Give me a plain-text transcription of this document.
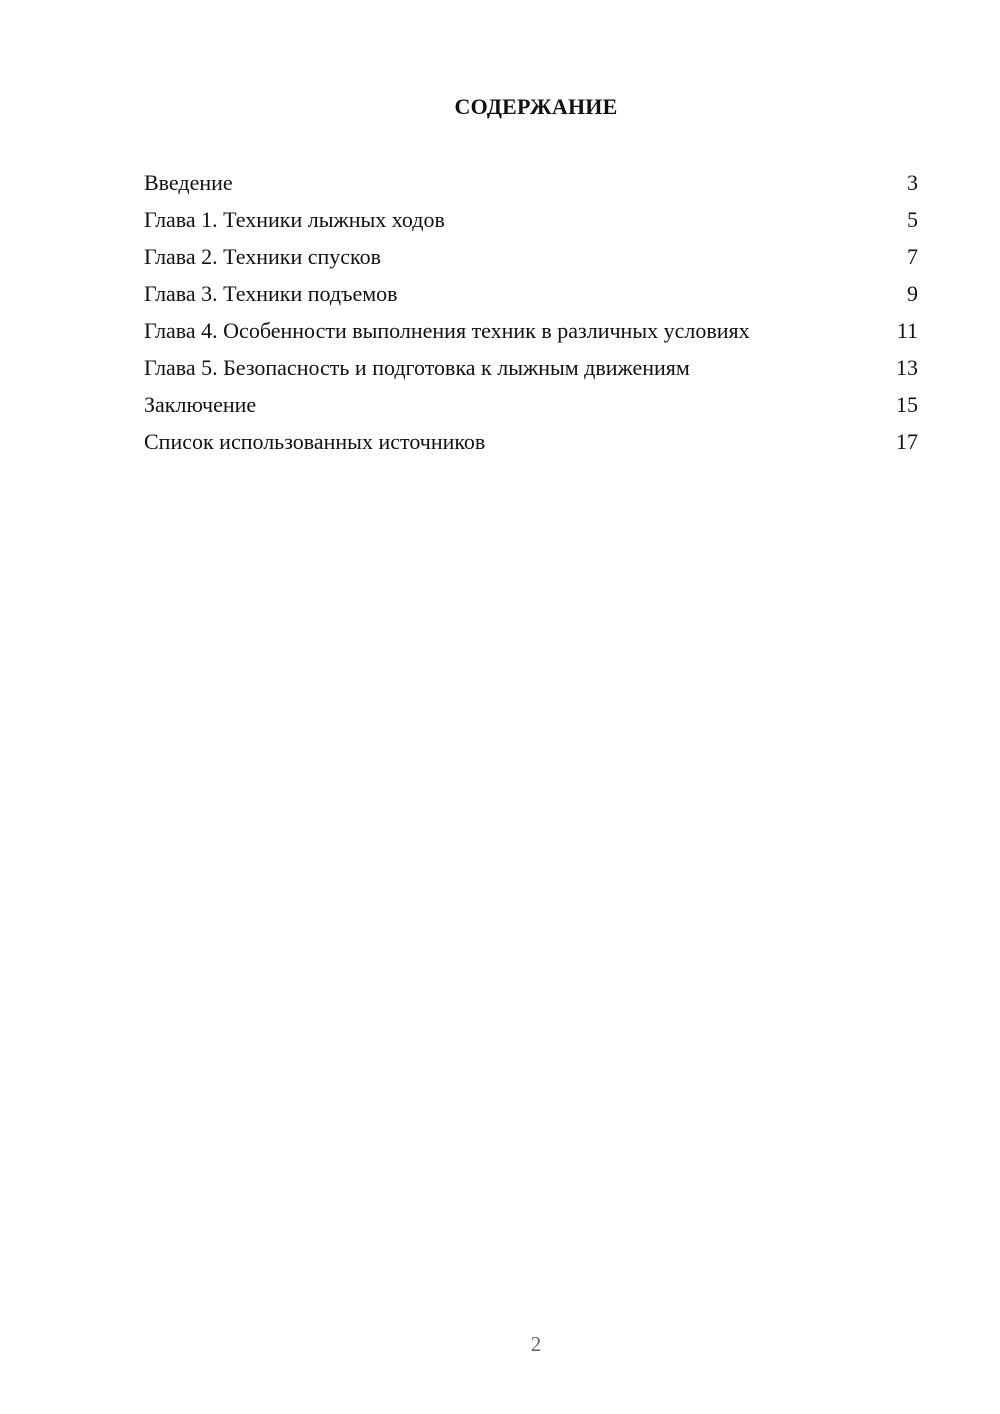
СОДЕРЖАНИЕ
Введение	3
Глава 1. Техники лыжных ходов	5
Глава 2. Техники спусков	7
Глава 3. Техники подъемов	9
Глава 4. Особенности выполнения техник в различных условиях	11
Глава 5. Безопасность и подготовка к лыжным движениям	13
Заключение	15
Список использованных источников	17
2
